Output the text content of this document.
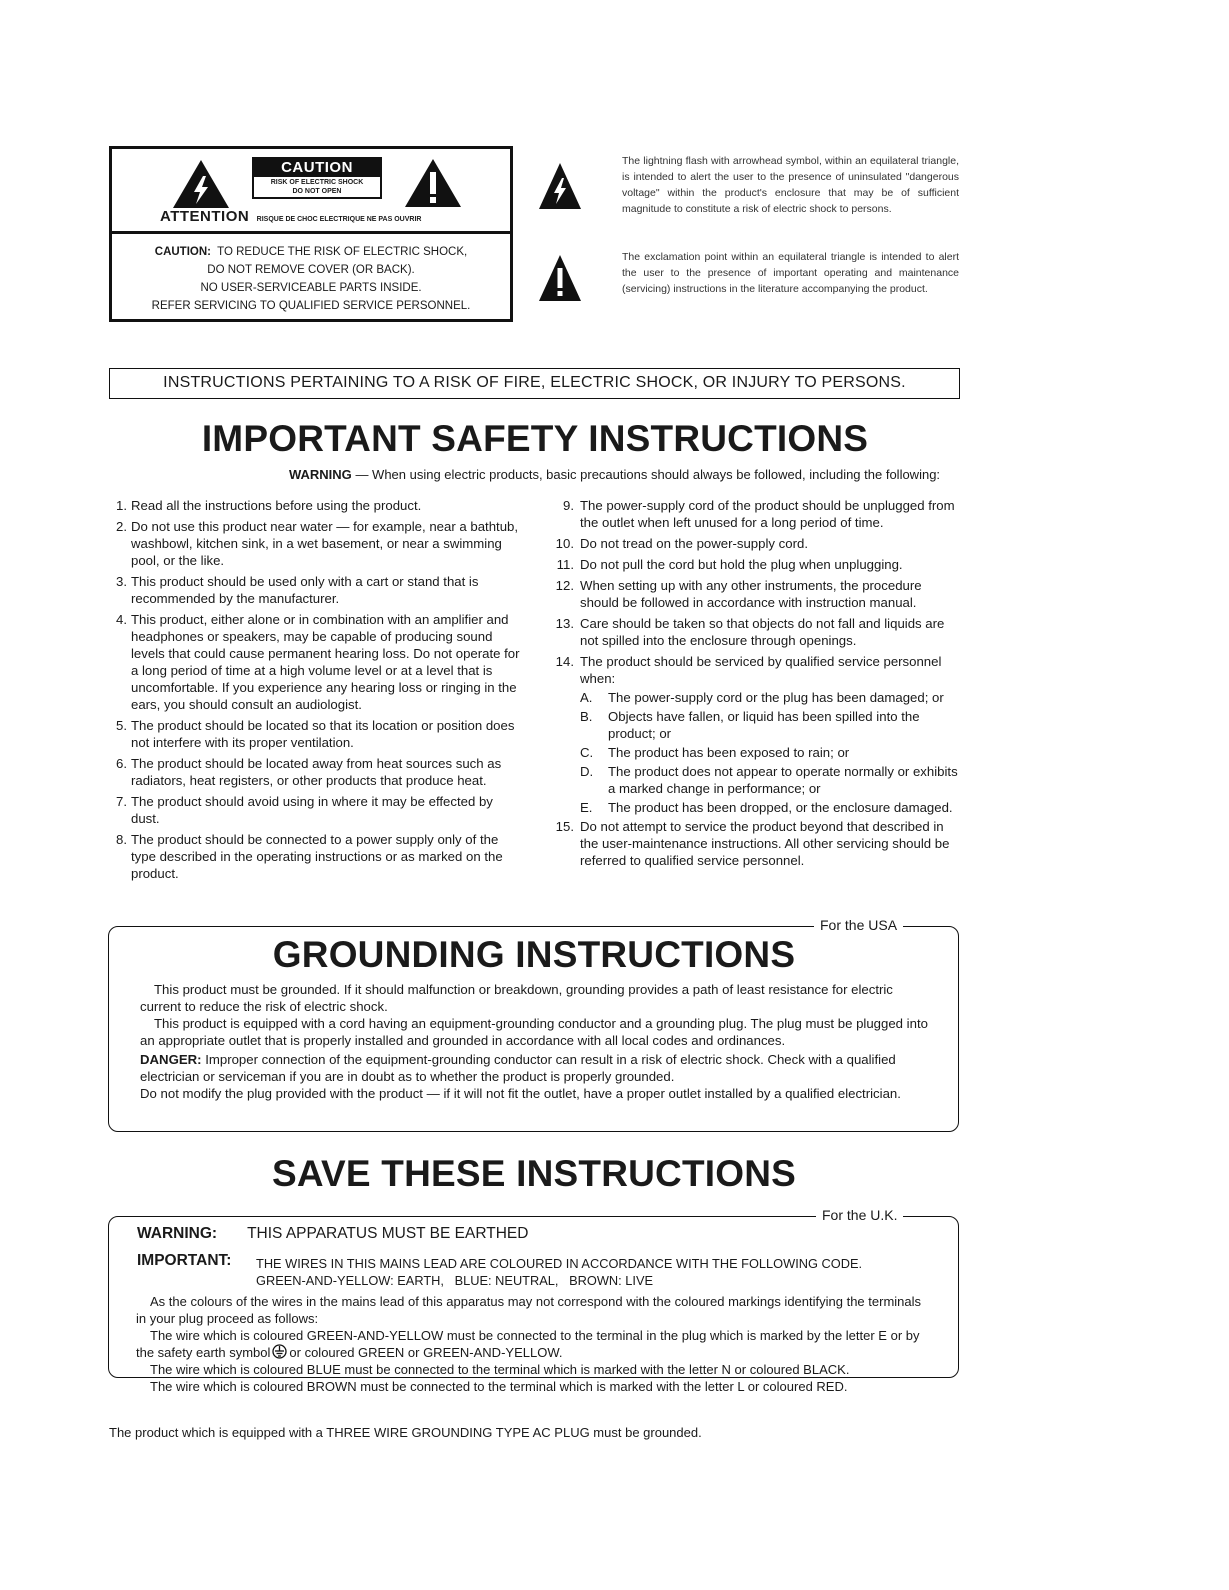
CAUTION
RISK OF ELECTRIC SHOCK
DO NOT OPEN
ATTENTION RISQUE DE CHOC ELECTRIQUE NE PAS OUVRIR
CAUTION: TO REDUCE THE RISK OF ELECTRIC SHOCK,
DO NOT REMOVE COVER (OR BACK).
NO USER-SERVICEABLE PARTS INSIDE.
REFER SERVICING TO QUALIFIED SERVICE PERSONNEL.
The lightning flash with arrowhead symbol, within an equilateral triangle, is intended to alert the user to the presence of uninsulated "dangerous voltage" within the product's enclosure that may be of sufficient magnitude to constitute a risk of electric shock to persons.
The exclamation point within an equilateral triangle is intended to alert the user to the presence of important operating and maintenance (servicing) instructions in the literature accompanying the product.
INSTRUCTIONS PERTAINING TO A RISK OF FIRE, ELECTRIC SHOCK, OR INJURY TO PERSONS.
IMPORTANT SAFETY INSTRUCTIONS
WARNING — When using electric products, basic precautions should always be followed, including the following:
1. Read all the instructions before using the product.
2. Do not use this product near water — for example, near a bathtub, washbowl, kitchen sink, in a wet basement, or near a swimming pool, or the like.
3. This product should be used only with a cart or stand that is recommended by the manufacturer.
4. This product, either alone or in combination with an amplifier and headphones or speakers, may be capable of producing sound levels that could cause permanent hearing loss. Do not operate for a long period of time at a high volume level or at a level that is uncomfortable. If you experience any hearing loss or ringing in the ears, you should consult an audiologist.
5. The product should be located so that its location or position does not interfere with its proper ventilation.
6. The product should be located away from heat sources such as radiators, heat registers, or other products that produce heat.
7. The product should avoid using in where it may be effected by dust.
8. The product should be connected to a power supply only of the type described in the operating instructions or as marked on the product.
9. The power-supply cord of the product should be unplugged from the outlet when left unused for a long period of time.
10. Do not tread on the power-supply cord.
11. Do not pull the cord but hold the plug when unplugging.
12. When setting up with any other instruments, the procedure should be followed in accordance with instruction manual.
13. Care should be taken so that objects do not fall and liquids are not spilled into the enclosure through openings.
14. The product should be serviced by qualified service personnel when:
A. The power-supply cord or the plug has been damaged; or
B. Objects have fallen, or liquid has been spilled into the product; or
C. The product has been exposed to rain; or
D. The product does not appear to operate normally or exhibits a marked change in performance; or
E. The product has been dropped, or the enclosure damaged.
15. Do not attempt to service the product beyond that described in the user-maintenance instructions. All other servicing should be referred to qualified service personnel.
For the USA
GROUNDING INSTRUCTIONS
This product must be grounded. If it should malfunction or breakdown, grounding provides a path of least resistance for electric current to reduce the risk of electric shock.
This product is equipped with a cord having an equipment-grounding conductor and a grounding plug. The plug must be plugged into an appropriate outlet that is properly installed and grounded in accordance with all local codes and ordinances.
DANGER: Improper connection of the equipment-grounding conductor can result in a risk of electric shock. Check with a qualified electrician or serviceman if you are in doubt as to whether the product is properly grounded.
Do not modify the plug provided with the product — if it will not fit the outlet, have a proper outlet installed by a qualified electrician.
SAVE THESE INSTRUCTIONS
For the U.K.
WARNING: THIS APPARATUS MUST BE EARTHED
IMPORTANT: THE WIRES IN THIS MAINS LEAD ARE COLOURED IN ACCORDANCE WITH THE FOLLOWING CODE.
GREEN-AND-YELLOW: EARTH,   BLUE: NEUTRAL,   BROWN: LIVE
As the colours of the wires in the mains lead of this apparatus may not correspond with the coloured markings identifying the terminals in your plug proceed as follows:
The wire which is coloured GREEN-AND-YELLOW must be connected to the terminal in the plug which is marked by the letter E or by the safety earth symbol or coloured GREEN or GREEN-AND-YELLOW.
The wire which is coloured BLUE must be connected to the terminal which is marked with the letter N or coloured BLACK.
The wire which is coloured BROWN must be connected to the terminal which is marked with the letter L or coloured RED.
The product which is equipped with a THREE WIRE GROUNDING TYPE AC PLUG must be grounded.
